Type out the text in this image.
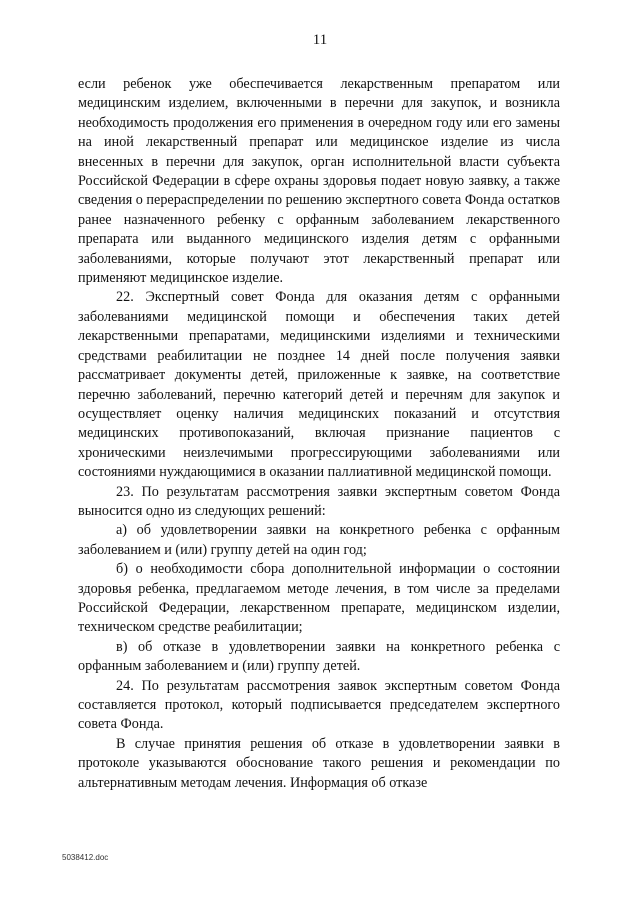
11

если ребенок уже обеспечивается лекарственным препаратом или медицинским изделием, включенными в перечни для закупок, и возникла необходимость продолжения его применения в очередном году или его замены на иной лекарственный препарат или медицинское изделие из числа внесенных в перечни для закупок, орган исполнительной власти субъекта Российской Федерации в сфере охраны здоровья подает новую заявку, а также сведения о перераспределении по решению экспертного совета Фонда остатков ранее назначенного ребенку с орфанным заболеванием лекарственного препарата или выданного медицинского изделия детям с орфанными заболеваниями, которые получают этот лекарственный препарат или применяют медицинское изделие.

22. Экспертный совет Фонда для оказания детям с орфанными заболеваниями медицинской помощи и обеспечения таких детей лекарственными препаратами, медицинскими изделиями и техническими средствами реабилитации не позднее 14 дней после получения заявки рассматривает документы детей, приложенные к заявке, на соответствие перечню заболеваний, перечню категорий детей и перечням для закупок и осуществляет оценку наличия медицинских показаний и отсутствия медицинских противопоказаний, включая признание пациентов с хроническими неизлечимыми прогрессирующими заболеваниями или состояниями нуждающимися в оказании паллиативной медицинской помощи.

23. По результатам рассмотрения заявки экспертным советом Фонда выносится одно из следующих решений:

а) об удовлетворении заявки на конкретного ребенка с орфанным заболеванием и (или) группу детей на один год;

б) о необходимости сбора дополнительной информации о состоянии здоровья ребенка, предлагаемом методе лечения, в том числе за пределами Российской Федерации, лекарственном препарате, медицинском изделии, техническом средстве реабилитации;

в) об отказе в удовлетворении заявки на конкретного ребенка с орфанным заболеванием и (или) группу детей.

24. По результатам рассмотрения заявок экспертным советом Фонда составляется протокол, который подписывается председателем экспертного совета Фонда.

В случае принятия решения об отказе в удовлетворении заявки в протоколе указываются обоснование такого решения и рекомендации по альтернативным методам лечения. Информация об отказе

5038412.doc
